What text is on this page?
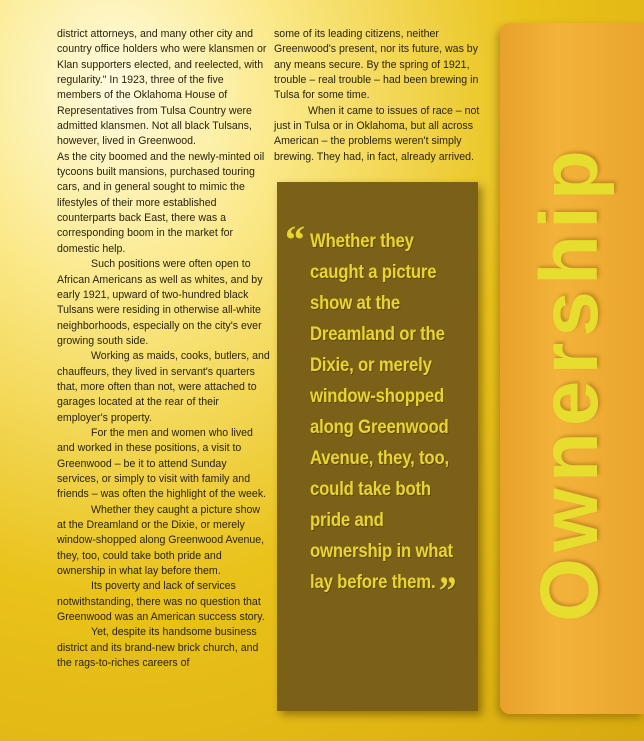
district attorneys, and many other city and country office holders who were klansmen or Klan supporters elected, and reelected, with regularity." In 1923, three of the five members of the Oklahoma House of Representatives from Tulsa Country were admitted klansmen. Not all black Tulsans, however, lived in Greenwood.

As the city boomed and the newly-minted oil tycoons built mansions, purchased touring cars, and in general sought to mimic the lifestyles of their more established counterparts back East, there was a corresponding boom in the market for domestic help.

Such positions were often open to African Americans as well as whites, and by early 1921, upward of two-hundred black Tulsans were residing in otherwise all-white neighborhoods, especially on the city's ever growing south side.

Working as maids, cooks, butlers, and chauffeurs, they lived in servant's quarters that, more often than not, were attached to garages located at the rear of their employer's property.

For the men and women who lived and worked in these positions, a visit to Greenwood – be it to attend Sunday services, or simply to visit with family and friends – was often the highlight of the week.

Whether they caught a picture show at the Dreamland or the Dixie, or merely window-shopped along Greenwood Avenue, they, too, could take both pride and ownership in what lay before them.

Its poverty and lack of services notwithstanding, there was no question that Greenwood was an American success story.

Yet, despite its handsome business district and its brand-new brick church, and the rags-to-riches careers of

some of its leading citizens, neither Greenwood's present, nor its future, was by any means secure. By the spring of 1921, trouble – real trouble – had been brewing in Tulsa for some time.

When it came to issues of race – not just in Tulsa or in Oklahoma, but all across American – the problems weren't simply brewing. They had, in fact, already arrived.

“ Whether they caught a picture show at the Dreamland or the Dixie, or merely window-shopped along Greenwood Avenue, they, too, could take both pride and ownership in what lay before them.” Ownership
